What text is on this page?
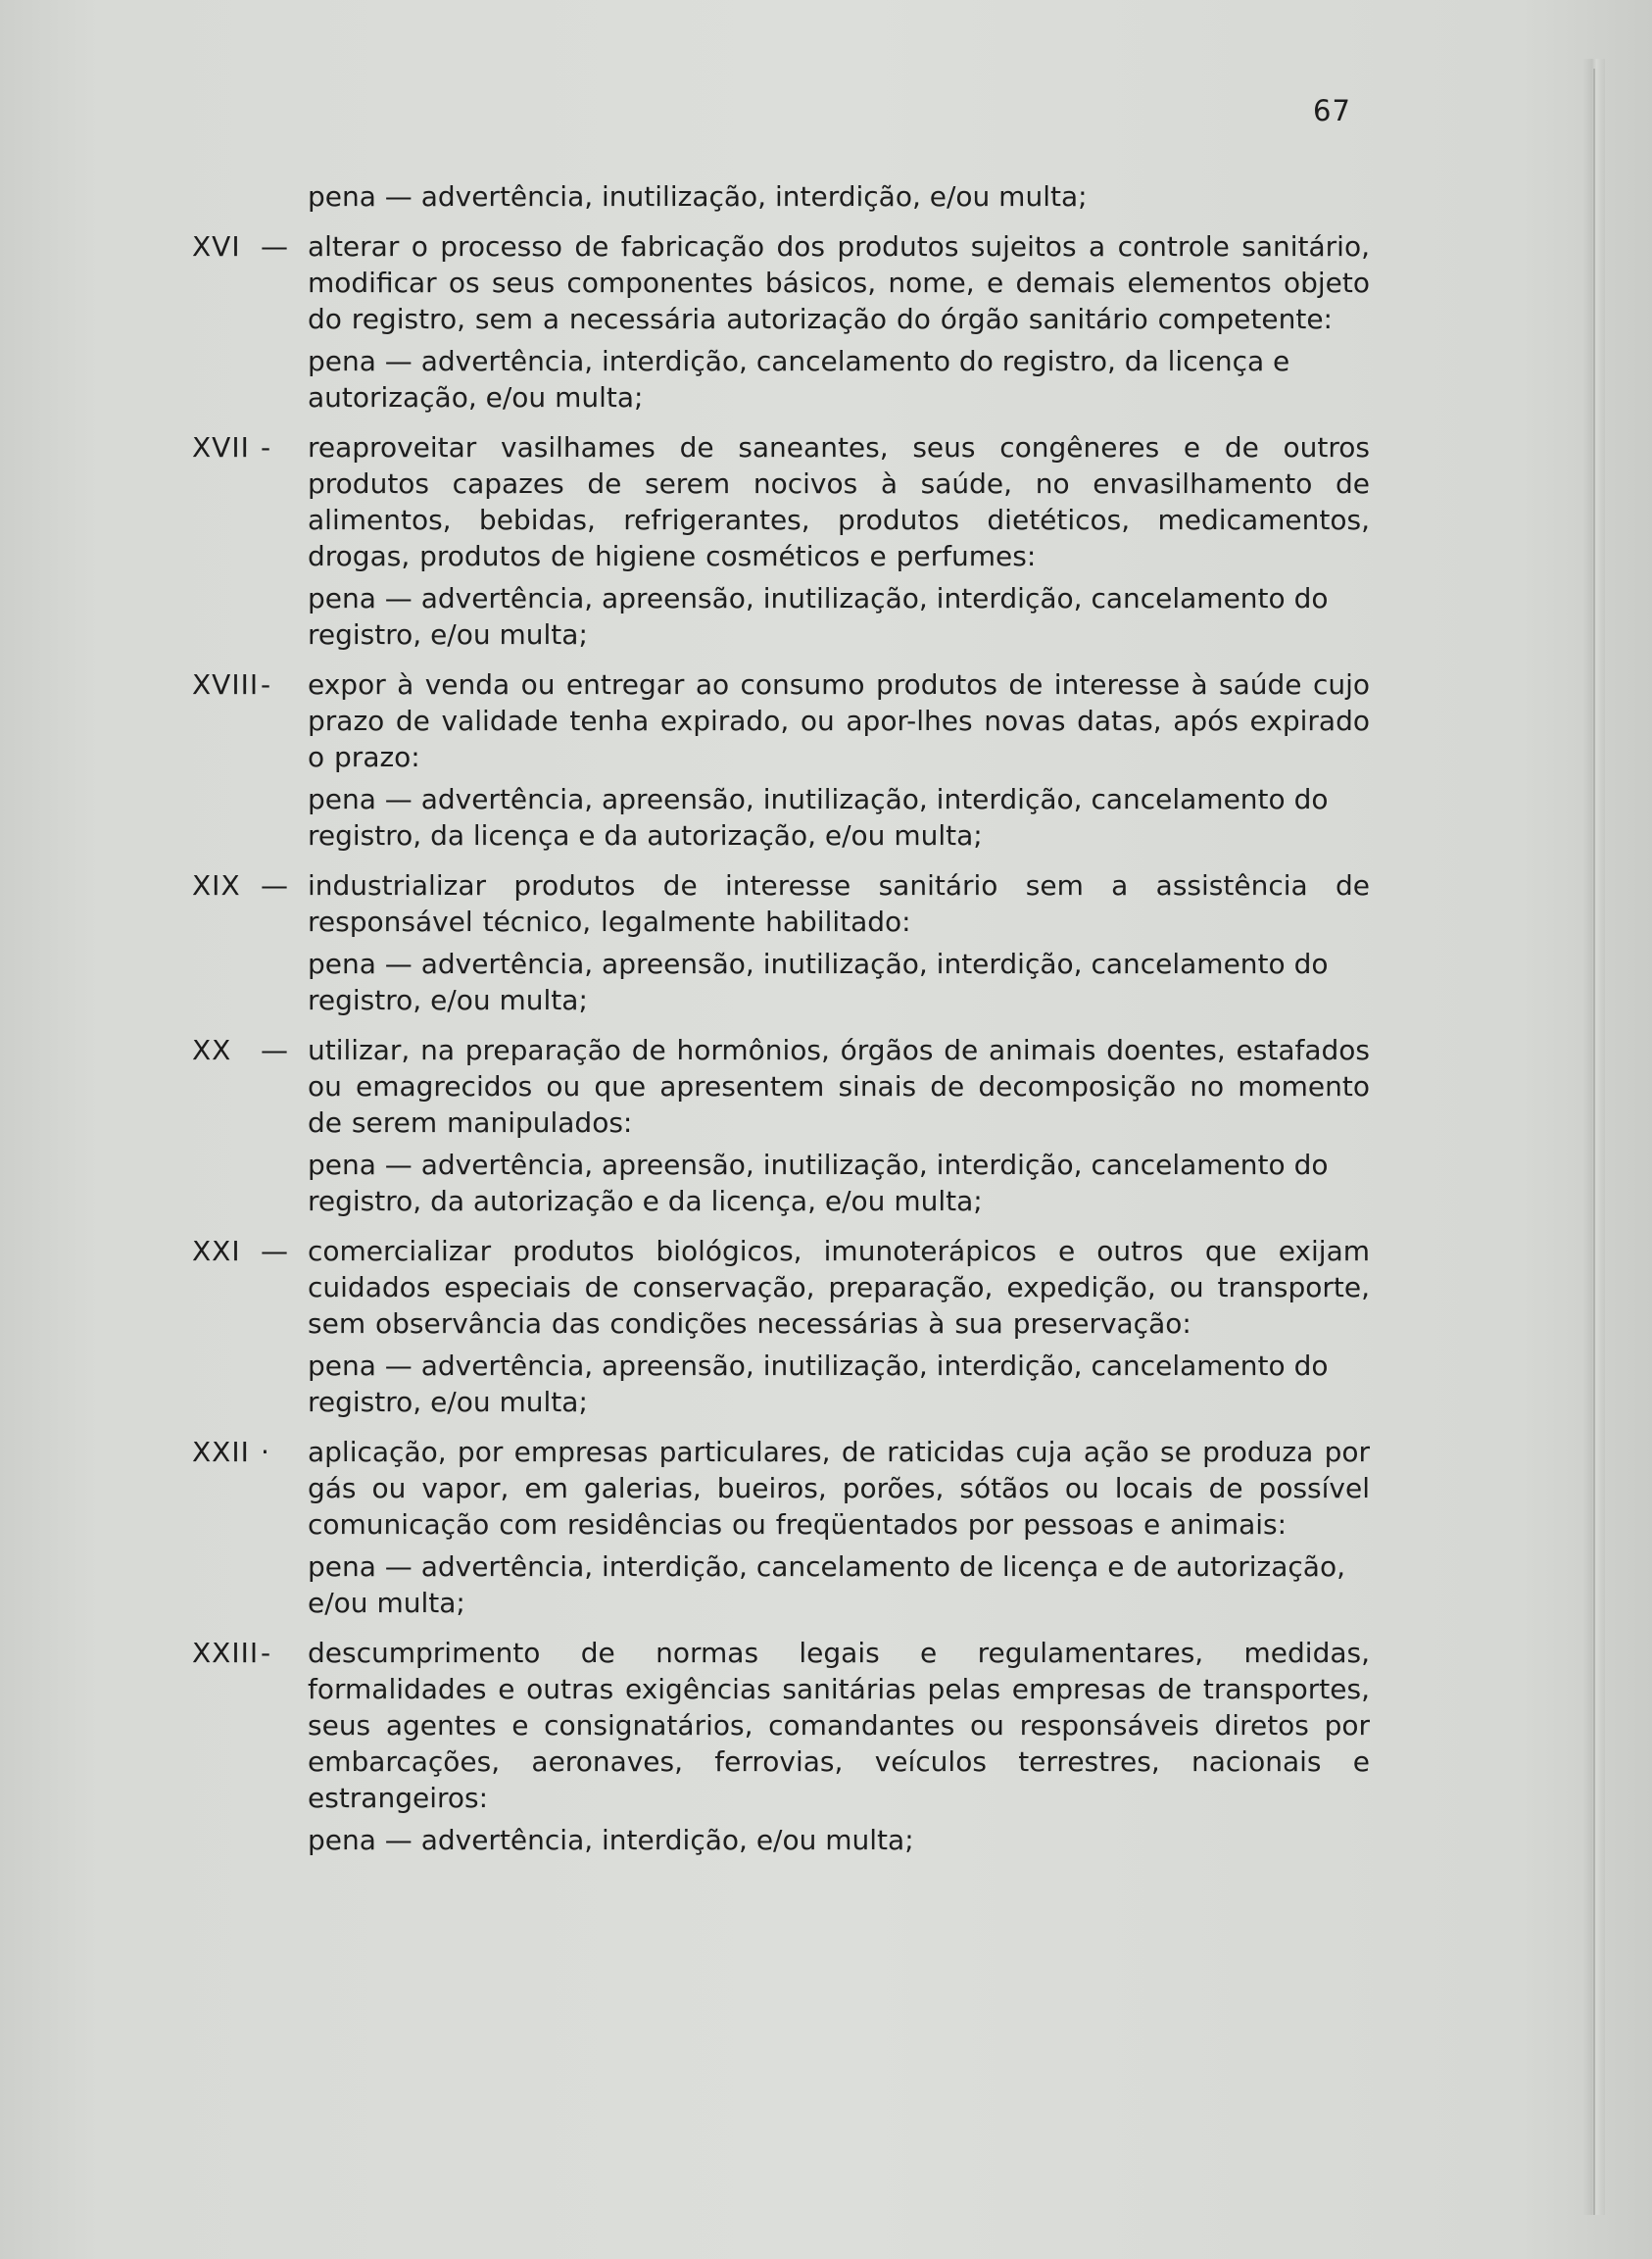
67
pena — advertência, inutilização, interdição, e/ou multa;
XVI — alterar o processo de fabricação dos produtos sujeitos a controle sanitário, modificar os seus componentes básicos, nome, e demais elementos objeto do registro, sem a necessária autorização do órgão sanitário competente:
pena — advertência, interdição, cancelamento do registro, da licença e autorização, e/ou multa;
XVII -	reaproveitar vasilhames de saneantes, seus congêneres e de outros produtos capazes de serem nocivos à saúde, no envasilhamento de alimentos, bebidas, refrigerantes, produtos dietéticos, medicamentos, drogas, produtos de higiene cosméticos e perfumes:
pena — advertência, apreensão, inutilização, interdição, cancelamento do registro, e/ou multa;
XVIII -	expor à venda ou entregar ao consumo produtos de interesse à saúde cujo prazo de validade tenha expirado, ou apor-lhes novas datas, após expirado o prazo:
pena — advertência, apreensão, inutilização, interdição, cancelamento do registro, da licença e da autorização, e/ou multa;
XIX — industrializar produtos de interesse sanitário sem a assistência de responsável técnico, legalmente habilitado:
pena — advertência, apreensão, inutilização, interdição, cancelamento do registro, e/ou multa;
XX	— utilizar, na preparação de hormônios, órgãos de animais doentes, estafados ou emagrecidos ou que apresentem sinais de decomposição no momento de serem manipulados:
pena — advertência, apreensão, inutilização, interdição, cancelamento do registro, da autorização e da licença, e/ou multa;
XXI — comercializar produtos biológicos, imunoterápicos e outros que exijam cuidados especiais de conservação, preparação, expedição, ou transporte, sem observância das condições necessárias à sua preservação:
pena — advertência, apreensão, inutilização, interdição, cancelamento do registro, e/ou multa;
XXII ·	aplicação, por empresas particulares, de raticidas cuja ação se produza por gás ou vapor, em galerias, bueiros, porões, sótãos ou locais de possível comunicação com residências ou freqüentados por pessoas e animais:
pena — advertência, interdição, cancelamento de licença e de autorização, e/ou multa;
XXIII -	descumprimento de normas legais e regulamentares, medidas, formalidades e outras exigências sanitárias pelas empresas de transportes, seus agentes e consignatários, comandantes ou responsáveis diretos por embarcações, aeronaves, ferrovias, veículos terrestres, nacionais e estrangeiros:
pena — advertência, interdição, e/ou multa;
